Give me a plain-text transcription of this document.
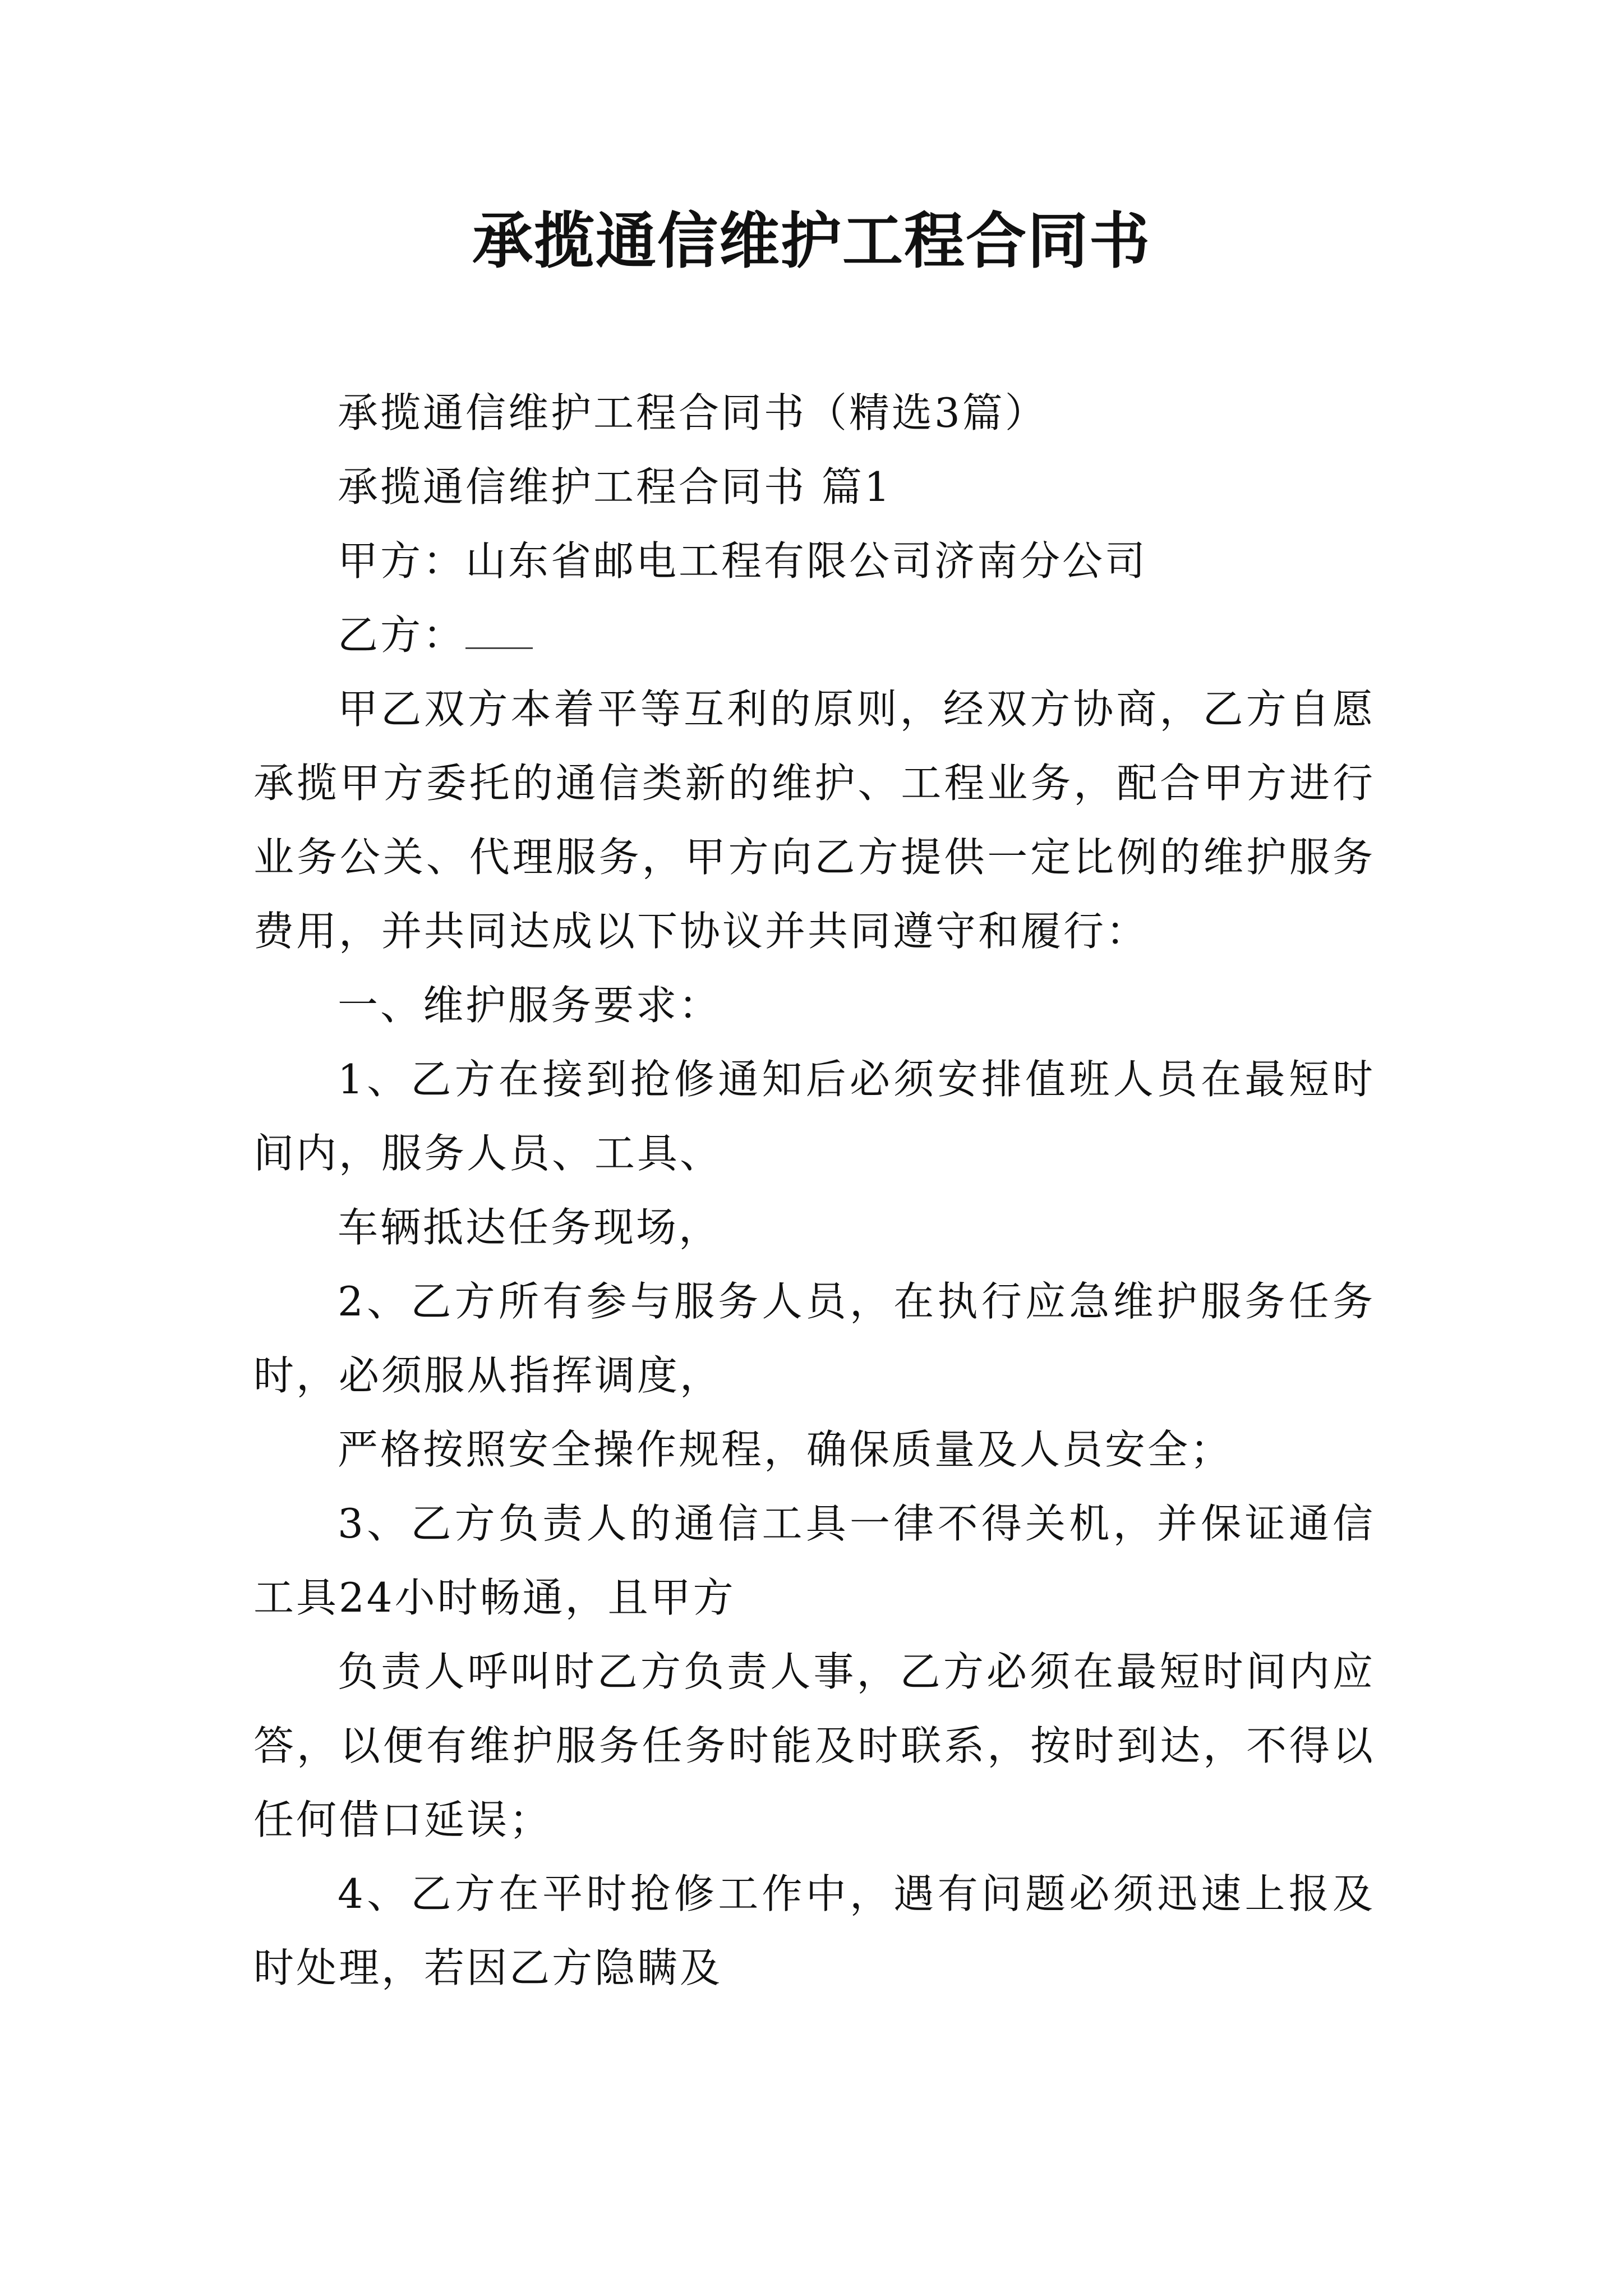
承揽通信维护工程合同书

承揽通信维护工程合同书（精选3篇）

承揽通信维护工程合同书 篇1

甲方：山东省邮电工程有限公司济南分公司

乙方：

甲乙双方本着平等互利的原则，经双方协商，乙方自愿承揽甲方委托的通信类新的维护、工程业务，配合甲方进行业务公关、代理服务，甲方向乙方提供一定比例的维护服务费用，并共同达成以下协议并共同遵守和履行：

一、维护服务要求：

1、乙方在接到抢修通知后必须安排值班人员在最短时间内，服务人员、工具、

车辆抵达任务现场，

2、乙方所有参与服务人员，在执行应急维护服务任务时，必须服从指挥调度，

严格按照安全操作规程，确保质量及人员安全；

3、乙方负责人的通信工具一律不得关机，并保证通信工具24小时畅通，且甲方

负责人呼叫时乙方负责人事，乙方必须在最短时间内应答，以便有维护服务任务时能及时联系，按时到达，不得以任何借口延误；

4、乙方在平时抢修工作中，遇有问题必须迅速上报及时处理，若因乙方隐瞒及
